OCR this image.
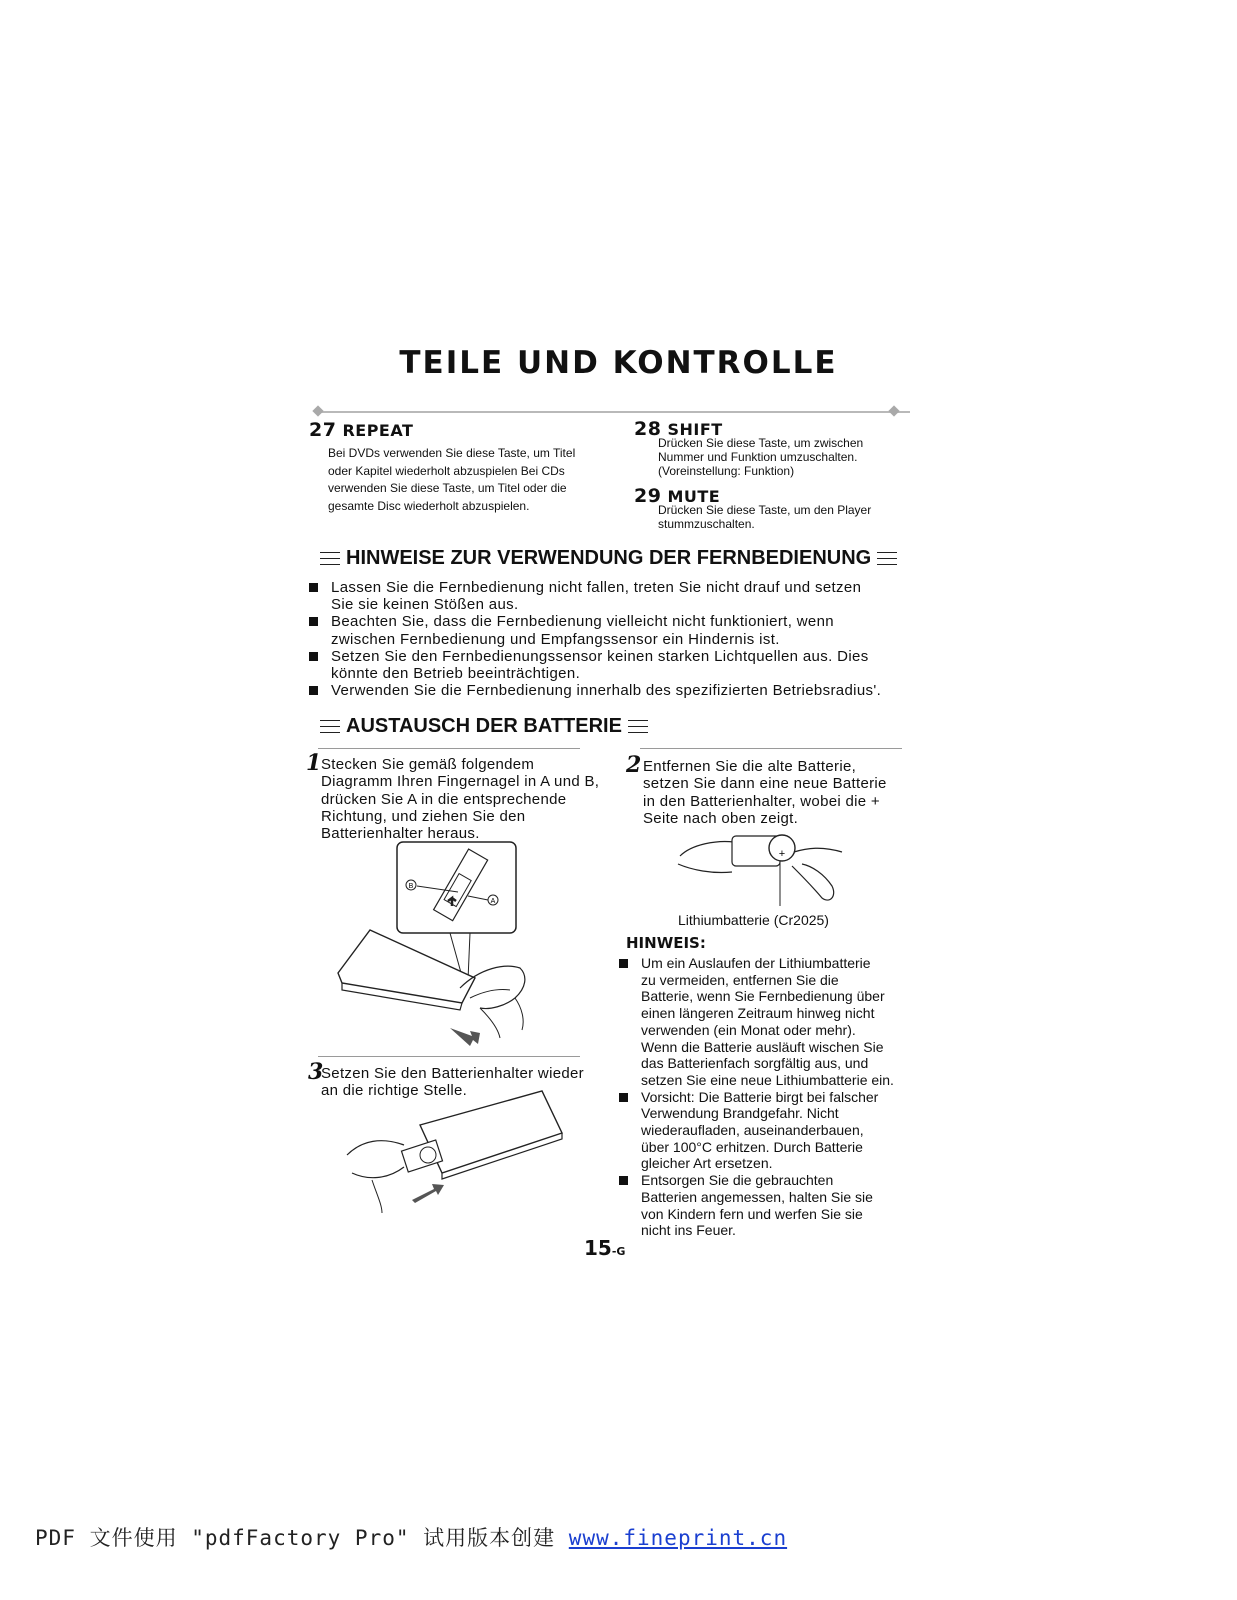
TEILE UND KONTROLLE
27 REPEAT
Bei DVDs verwenden Sie diese Taste, um Titel
oder Kapitel wiederholt abzuspielen Bei CDs
verwenden Sie diese Taste, um Titel oder die
gesamte Disc wiederholt abzuspielen.
28 SHIFT
Drücken Sie diese Taste, um zwischen
Nummer und Funktion umzuschalten.
(Voreinstellung: Funktion)
29 MUTE
Drücken Sie diese Taste, um den Player
stummzuschalten.
HINWEISE ZUR VERWENDUNG DER FERNBEDIENUNG
Lassen Sie die Fernbedienung nicht fallen, treten Sie nicht drauf und setzen
Sie sie keinen Stößen aus.
Beachten Sie, dass die Fernbedienung vielleicht nicht funktioniert, wenn
zwischen Fernbedienung und Empfangssensor ein Hindernis ist.
Setzen Sie den Fernbedienungssensor keinen starken Lichtquellen aus. Dies
könnte den Betrieb beeinträchtigen.
Verwenden Sie die Fernbedienung innerhalb des spezifizierten Betriebsradius'.
AUSTAUSCH DER BATTERIE
1 Stecken Sie gemäß folgendem
Diagramm Ihren Fingernagel in A und B,
drücken Sie A in die entsprechende
Richtung, und ziehen Sie den
Batterienhalter heraus.
2 Entfernen Sie die alte Batterie,
setzen Sie dann eine neue Batterie
in den Batterienhalter, wobei die +
Seite nach oben zeigt.
3
Setzen Sie den Batterienhalter wieder
an die richtige Stelle.
B
A
+
Lithiumbatterie (Cr2025)
HINWEIS:
Um ein Auslaufen der Lithiumbatterie
zu vermeiden, entfernen Sie die
Batterie, wenn Sie Fernbedienung über
einen längeren Zeitraum hinweg nicht
verwenden (ein Monat oder mehr).
Wenn die Batterie ausläuft wischen Sie
das Batterienfach sorgfältig aus, und
setzen Sie eine neue Lithiumbatterie ein.
Vorsicht: Die Batterie birgt bei falscher
Verwendung Brandgefahr. Nicht
wiederaufladen, auseinanderbauen,
über 100°C erhitzen. Durch Batterie
gleicher Art ersetzen.
Entsorgen Sie die gebrauchten
Batterien angemessen, halten Sie sie
von Kindern fern und werfen Sie sie
nicht ins Feuer.
15-G
PDF 文件使用 "pdfFactory Pro" 试用版本创建 www.fineprint.cn
